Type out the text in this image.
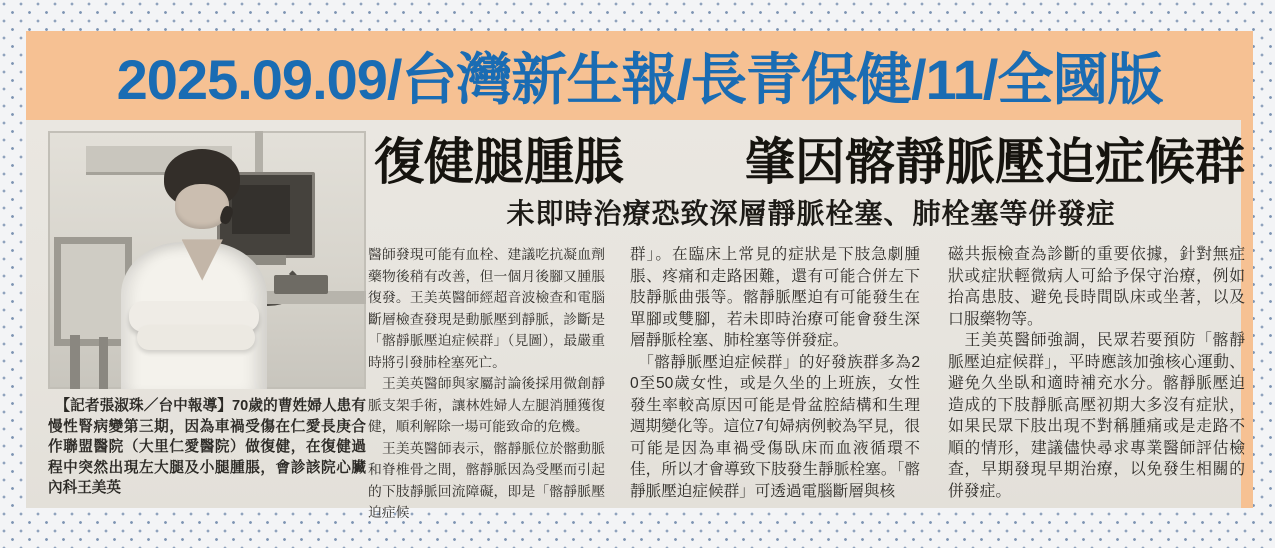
2025.09.09/台灣新生報/長青保健/11/全國版
　【記者張淑珠／台中報導】70歲的曹姓婦人患有慢性腎病變第三期，因為車禍受傷在仁愛長庚合作聯盟醫院（大里仁愛醫院）做復健，在復健過程中突然出現左大腿及小腿腫脹，會診該院心臟內科王美英
復健腿腫脹 肇因髂靜脈壓迫症候群
未即時治療恐致深層靜脈栓塞、肺栓塞等併發症

醫師發現可能有血栓、建議吃抗凝血劑藥物後稍有改善，但一個月後腳又腫脹復發。王美英醫師經超音波檢查和電腦斷層檢查發現是動脈壓到靜脈，診斷是「髂靜脈壓迫症候群」（見圖），最嚴重時將引發肺栓塞死亡。

　王美英醫師與家屬討論後採用微創靜脈支架手術，讓林姓婦人左腿消腫獲復健，順利解除一場可能致命的危機。

　王美英醫師表示，髂靜脈位於髂動脈和脊椎骨之間，髂靜脈因為受壓而引起的下肢靜脈回流障礙，即是「髂靜脈壓迫症候

群」。在臨床上常見的症狀是下肢急劇腫脹、疼痛和走路困難，還有可能合併左下肢靜脈曲張等。髂靜脈壓迫有可能發生在單腳或雙腳，若未即時治療可能會發生深層靜脈栓塞、肺栓塞等併發症。

　「髂靜脈壓迫症候群」的好發族群多為20至50歲女性，或是久坐的上班族，女性發生率較高原因可能是骨盆腔結構和生理週期變化等。這位7旬婦病例較為罕見，很可能是因為車禍受傷臥床而血液循環不佳，所以才會導致下肢發生靜脈栓塞。「髂靜脈壓迫症候群」可透過電腦斷層與核

磁共振檢查為診斷的重要依據，針對無症狀或症狀輕微病人可給予保守治療，例如抬高患肢、避免長時間臥床或坐著，以及口服藥物等。

　王美英醫師強調，民眾若要預防「髂靜脈壓迫症候群」，平時應該加強核心運動、避免久坐臥和適時補充水分。髂靜脈壓迫造成的下肢靜脈高壓初期大多沒有症狀，如果民眾下肢出現不對稱腫痛或是走路不順的情形，建議儘快尋求專業醫師評估檢查，早期發現早期治療，以免發生相關的併發症。
